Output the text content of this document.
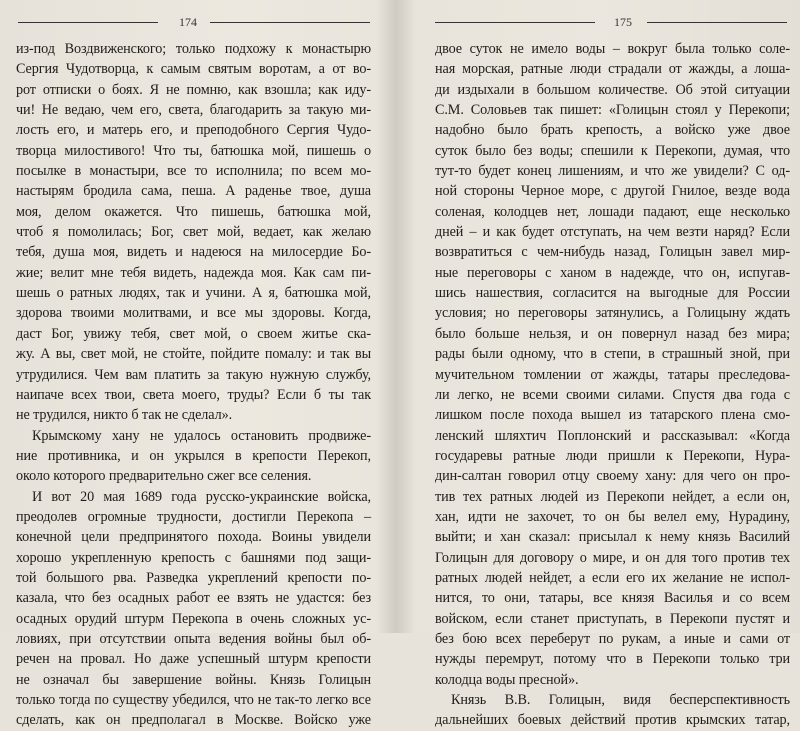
174
из-под Воздвиженского; только подхожу к монастырю
Сергия Чудотворца, к самым святым воротам, а от во-
рот отписки о боях. Я не помню, как взошла; как иду-
чи! Не ведаю, чем его, света, благодарить за такую ми-
лость его, и матерь его, и преподобного Сергия Чудо-
творца милостивого! Что ты, батюшка мой, пишешь о
посылке в монастыри, все то исполнила; по всем мо-
настырям бродила сама, пеша. А раденье твое, душа
моя, делом окажется. Что пишешь, батюшка мой,
чтоб я помолилась; Бог, свет мой, ведает, как желаю
тебя, душа моя, видеть и надеюся на милосердие Бо-
жие; велит мне тебя видеть, надежда моя. Как сам пи-
шешь о ратных людях, так и учини. А я, батюшка мой,
здорова твоими молитвами, и все мы здоровы. Когда,
даст Бог, увижу тебя, свет мой, о своем житье ска-
жу. А вы, свет мой, не стойте, пойдите помалу: и так вы
утрудилися. Чем вам платить за такую нужную службу,
наипаче всех твои, света моего, труды? Если б ты так
не трудился, никто б так не сделал».
Крымскому хану не удалось остановить продвиже-
ние противника, и он укрылся в крепости Перекоп,
около которого предварительно сжег все селения.
И вот 20 мая 1689 года русско-украинские войска,
преодолев огромные трудности, достигли Перекопа –
конечной цели предпринятого похода. Воины увидели
хорошо укрепленную крепость с башнями под защи-
той большого рва. Разведка укреплений крепости по-
казала, что без осадных работ ее взять не удастся: без
осадных орудий штурм Перекопа в очень сложных ус-
ловиях, при отсутствии опыта ведения войны был об-
речен на провал. Но даже успешный штурм крепости
не означал бы завершение войны. Князь Голицын
только тогда по существу убедился, что не так-то легко все
сделать, как он предполагал в Москве. Войско уже
175
двое суток не имело воды – вокруг была только соле-
ная морская, ратные люди страдали от жажды, а лоша-
ди издыхали в большом количестве. Об этой ситуации
С.М. Соловьев так пишет: «Голицын стоял у Перекопи;
надобно было брать крепость, а войско уже двое
суток было без воды; спешили к Перекопи, думая, что
тут-то будет конец лишениям, и что же увидели? С од-
ной стороны Черное море, с другой Гнилое, везде вода
соленая, колодцев нет, лошади падают, еще несколько
дней – и как будет отступать, на чем везти наряд? Если
возвратиться с чем-нибудь назад, Голицын завел мир-
ные переговоры с ханом в надежде, что он, испугав-
шись нашествия, согласится на выгодные для России
условия; но переговоры затянулись, а Голицыну ждать
было больше нельзя, и он повернул назад без мира;
рады были одному, что в степи, в страшный зной, при
мучительном томлении от жажды, татары преследова-
ли легко, не всеми своими силами. Спустя два года с
лишком после похода вышел из татарского плена смо-
ленский шляхтич Поплонский и рассказывал: «Когда
государевы ратные люди пришли к Перекопи, Нура-
дин-салтан говорил отцу своему хану: для чего он про-
тив тех ратных людей из Перекопи нейдет, а если он,
хан, идти не захочет, то он бы велел ему, Нурадину,
выйти; и хан сказал: присылал к нему князь Василий
Голицын для договору о мире, и он для того против тех
ратных людей нейдет, а если его их желание не испол-
нится, то они, татары, все князя Василья и со всем
войском, если станет приступать, в Перекопи пустят и
без бою всех переберут по рукам, а иные и сами от
нужды перемрут, потому что в Перекопи только три
колодца воды пресной».
Князь В.В. Голицын, видя бесперспективность
дальнейших боевых действий против крымских татар,
